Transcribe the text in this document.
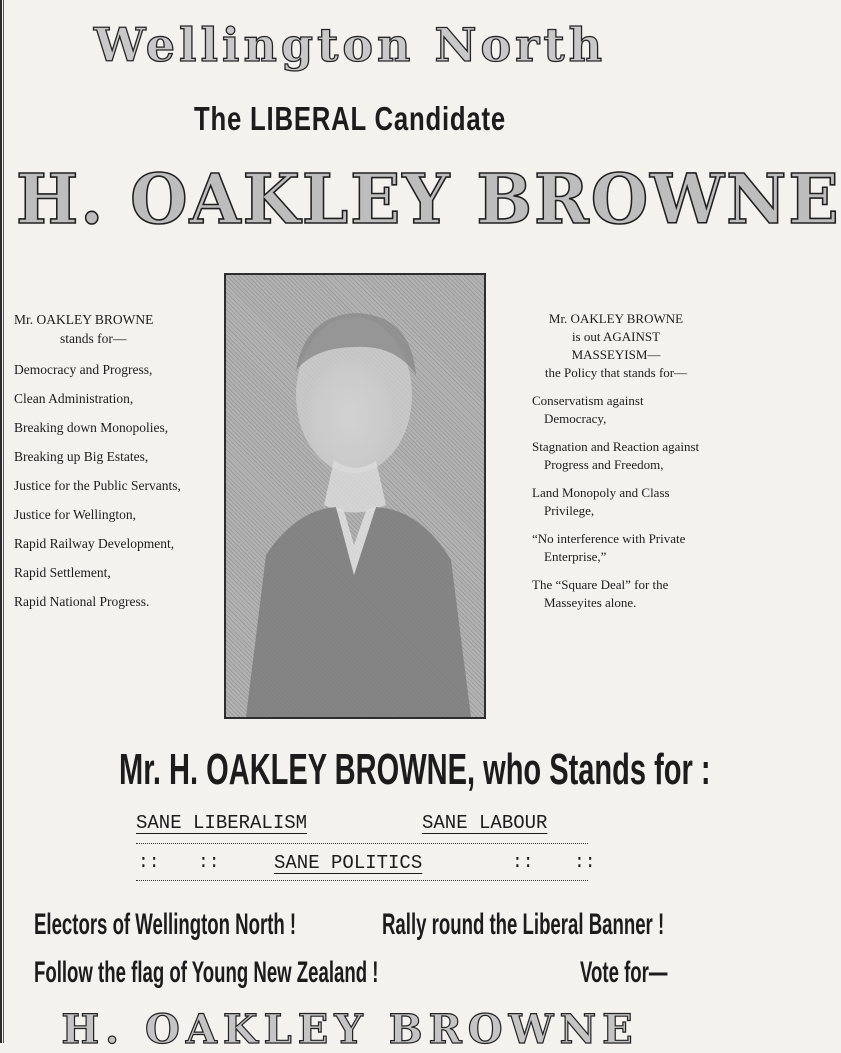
Wellington North
The LIBERAL Candidate
H. OAKLEY BROWNE
Mr. OAKLEY BROWNE
stands for—
Democracy and Progress,
Clean Administration,
Breaking down Monopolies,
Breaking up Big Estates,
Justice for the Public Servants,
Justice for Wellington,
Rapid Railway Development,
Rapid Settlement,
Rapid National Progress.
Mr. OAKLEY BROWNE
is out AGAINST
MASSEYISM—
the Policy that stands for—
Conservatism against Democracy,
Stagnation and Reaction against Progress and Freedom,
Land Monopoly and Class Privilege,
“No interference with Private Enterprise,”
The “Square Deal” for the Masseyites alone.
Mr. H. OAKLEY BROWNE, who Stands for :
SANE LIBERALISM	SANE LABOUR
:: ::	SANE POLITICS	:: ::
Electors of Wellington North !	Rally round the Liberal Banner !
Follow the flag of Young New Zealand !	Vote for—
H. OAKLEY BROWNE
